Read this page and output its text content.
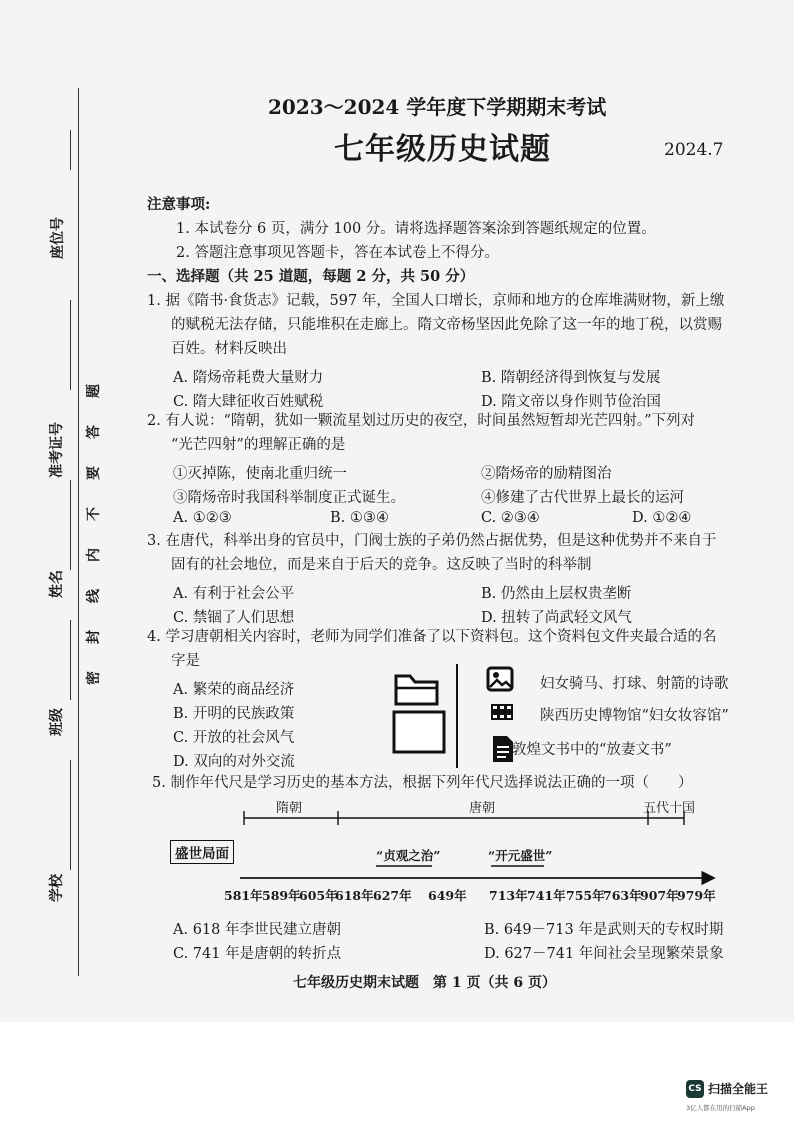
座位号
准考证号
姓名
班级
学校
密
封
线
内
不
要
答
题
2023～2024 学年度下学期期末考试
七年级历史试题	2024.7
注意事项:
1. 本试卷分 6 页，满分 100 分。请将选择题答案涂到答题纸规定的位置。
2. 答题注意事项见答题卡，答在本试卷上不得分。
一、选择题（共 25 道题，每题 2 分，共 50 分）
1. 据《隋书·食货志》记载，597 年，全国人口增长，京师和地方的仓库堆满财物，新上缴
的赋税无法存储，只能堆积在走廊上。隋文帝杨坚因此免除了这一年的地丁税，以赏赐
百姓。材料反映出
A. 隋炀帝耗费大量财力	B. 隋朝经济得到恢复与发展
C. 隋大肆征收百姓赋税	D. 隋文帝以身作则节俭治国
2. 有人说：“隋朝，犹如一颗流星划过历史的夜空，时间虽然短暂却光芒四射。”下列对
“光芒四射”的理解正确的是
①灭掉陈，使南北重归统一	②隋炀帝的励精图治
③隋炀帝时我国科举制度正式诞生。	④修建了古代世界上最长的运河
A. ①②③	B. ①③④	C. ②③④	D. ①②④
3. 在唐代，科举出身的官员中，门阀士族的子弟仍然占据优势，但是这种优势并不来自于
固有的社会地位，而是来自于后天的竞争。这反映了当时的科举制
A. 有利于社会公平	B. 仍然由上层权贵垄断
C. 禁锢了人们思想	D. 扭转了尚武轻文风气
4. 学习唐朝相关内容时，老师为同学们准备了以下资料包。这个资料包文件夹最合适的名
字是
A. 繁荣的商品经济
B. 开明的民族政策
C. 开放的社会风气
D. 双向的对外交流
妇女骑马、打球、射箭的诗歌
陕西历史博物馆“妇女妆容馆”
敦煌文书中的“放妻文书”
5. 制作年代尺是学习历史的基本方法，根据下列年代尺选择说法正确的一项（　　）
盛世局面
隋朝	唐朝	五代十国
“贞观之治”	“开元盛世”
581年 589年
605年
618年 627年 649年 713年 741年 755年
763年
907年
979年
A. 618 年李世民建立唐朝	B. 649－713 年是武则天的专权时期
C. 741 年是唐朝的转折点	D. 627－741 年间社会呈现繁荣景象
七年级历史期末试题　第 1 页（共 6 页）
CS 扫描全能王
3亿人都在用的扫描App
